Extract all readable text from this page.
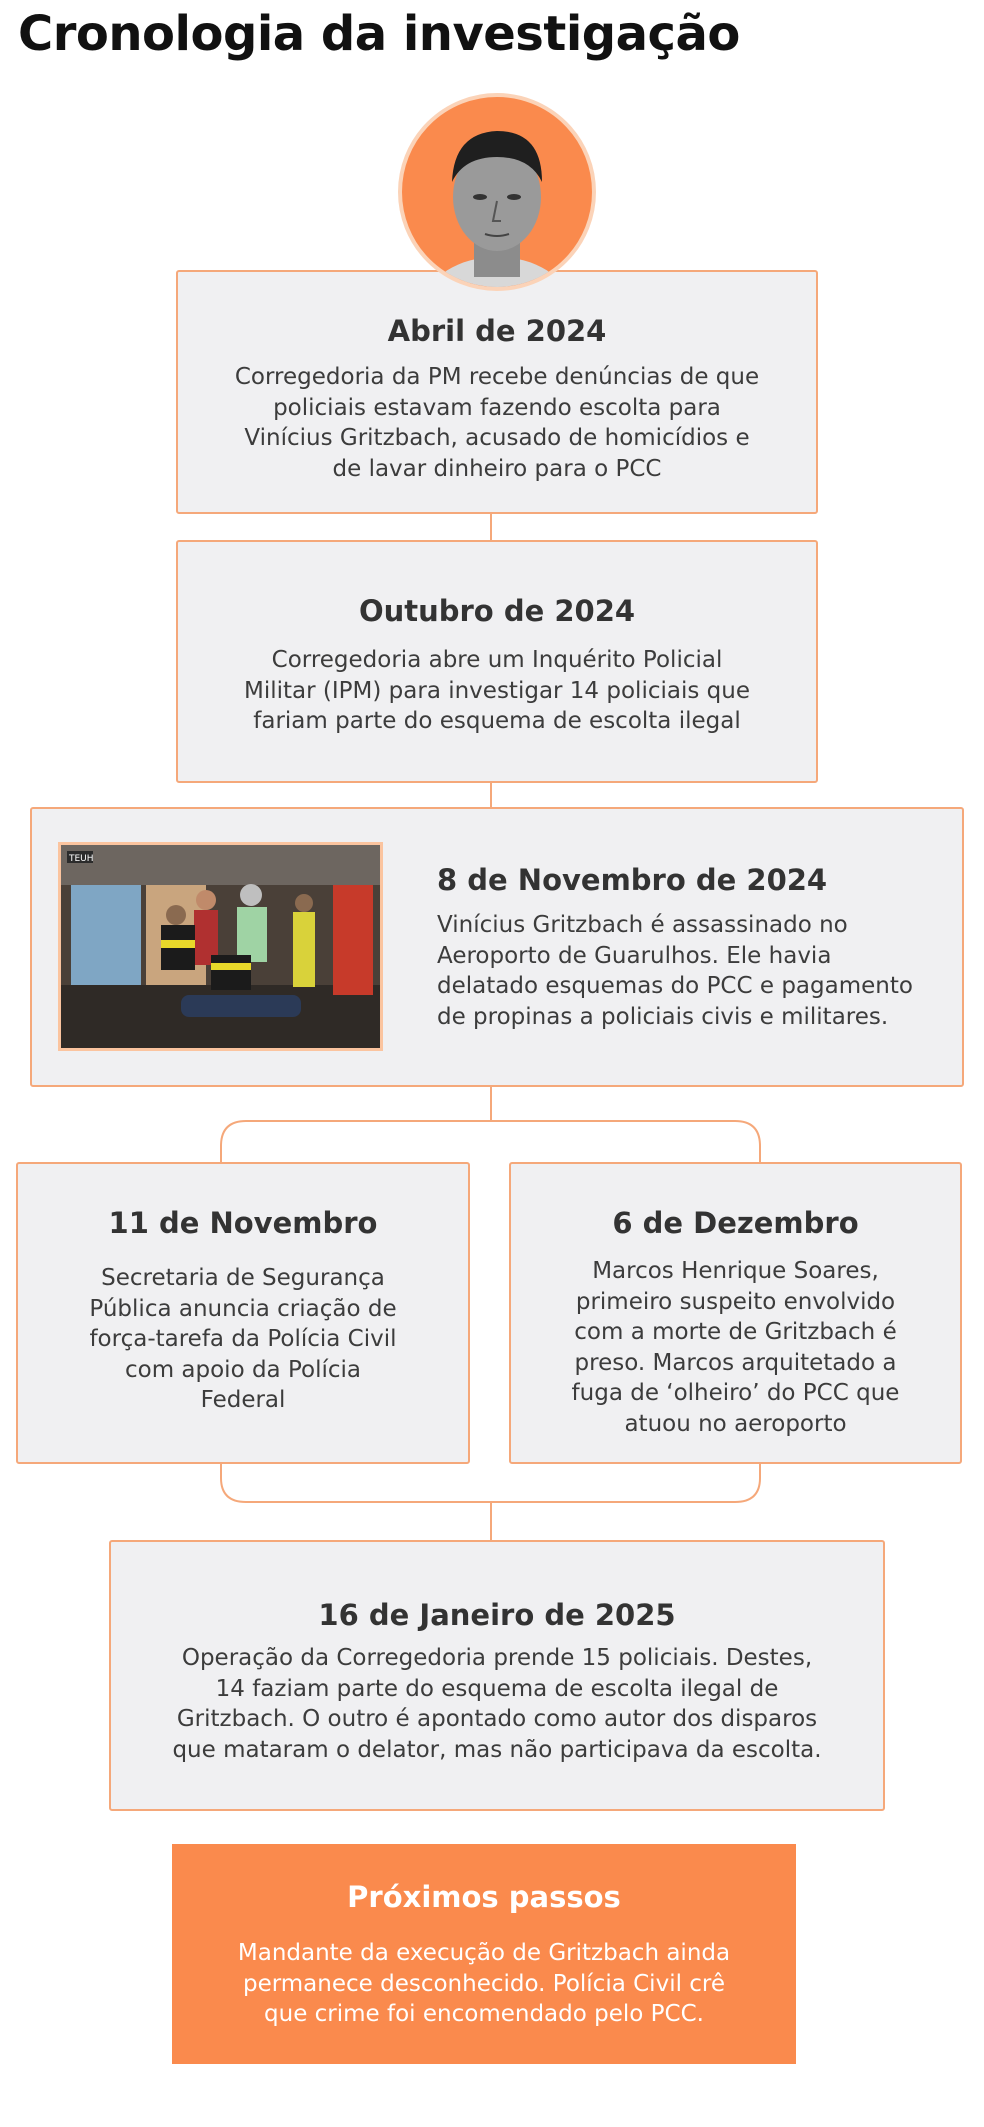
Cronologia da investigação
Abril de 2024
Corregedoria da PM recebe denúncias de que policiais estavam fazendo escolta para Vinícius Gritzbach, acusado de homicídios e de lavar dinheiro para o PCC
Outubro de 2024
Corregedoria abre um Inquérito Policial Militar (IPM) para investigar 14 policiais que fariam parte do esquema de escolta ilegal
8 de Novembro de 2024
Vinícius Gritzbach é assassinado no Aeroporto de Guarulhos. Ele havia delatado esquemas do PCC e pagamento de propinas a policiais civis e militares.
TEUH
11 de Novembro
Secretaria de Segurança Pública anuncia criação de força-tarefa da Polícia Civil com apoio da Polícia Federal
6 de Dezembro
Marcos Henrique Soares, primeiro suspeito envolvido com a morte de Gritzbach é preso. Marcos arquitetado a fuga de ‘olheiro’ do PCC que atuou no aeroporto
16 de Janeiro de 2025
Operação da Corregedoria prende 15 policiais. Destes, 14 faziam parte do esquema de escolta ilegal de Gritzbach. O outro é apontado como autor dos disparos que mataram o delator, mas não participava da escolta.
Próximos passos
Mandante da execução de Gritzbach ainda permanece desconhecido. Polícia Civil crê que crime foi encomendado pelo PCC.
